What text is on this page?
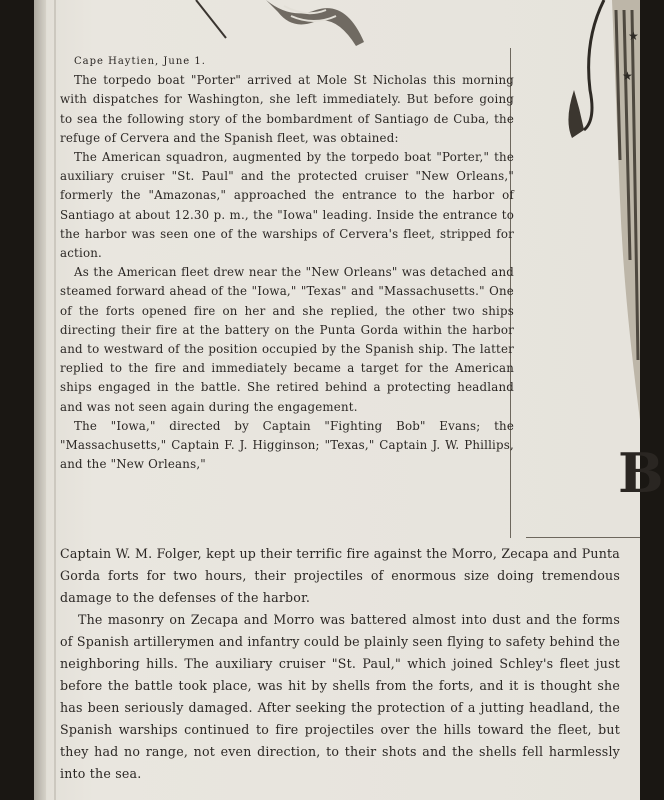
★
★
B

Cape Haytien, June 1.

The torpedo boat "Porter" arrived at Mole St Nicholas this morning with dispatches for Washington, she left immediately. But before going to sea the following story of the bombardment of Santiago de Cuba, the refuge of Cervera and the Spanish fleet, was obtained:

The American squadron, augmented by the torpedo boat "Porter," the auxiliary cruiser "St. Paul" and the protected cruiser "New Orleans," formerly the "Amazonas," approached the entrance to the harbor of Santiago at about 12.30 p. m., the "Iowa" leading. Inside the entrance to the harbor was seen one of the warships of Cervera's fleet, stripped for action.

As the American fleet drew near the "New Orleans" was detached and steamed forward ahead of the "Iowa," "Texas" and "Massachusetts." One of the forts opened fire on her and she replied, the other two ships directing their fire at the battery on the Punta Gorda within the harbor and to westward of the position occupied by the Spanish ship. The latter replied to the fire and immediately became a target for the American ships engaged in the battle. She retired behind a protecting headland and was not seen again during the engagement.

The "Iowa," directed by Captain "Fighting Bob" Evans; the "Massachusetts," Captain F. J. Higginson; "Texas," Captain J. W. Phillips, and the "New Orleans,"

Captain W. M. Folger, kept up their terrific fire against the Morro, Zecapa and Punta Gorda forts for two hours, their projectiles of enormous size doing tremendous damage to the defenses of the harbor.

The masonry on Zecapa and Morro was battered almost into dust and the forms of Spanish artillerymen and infantry could be plainly seen flying to safety behind the neighboring hills. The auxiliary cruiser "St. Paul," which joined Schley's fleet just before the battle took place, was hit by shells from the forts, and it is thought she has been seriously damaged. After seeking the protection of a jutting headland, the Spanish warships continued to fire projectiles over the hills toward the fleet, but they had no range, not even direction, to their shots and the shells fell harmlessly into the sea.
